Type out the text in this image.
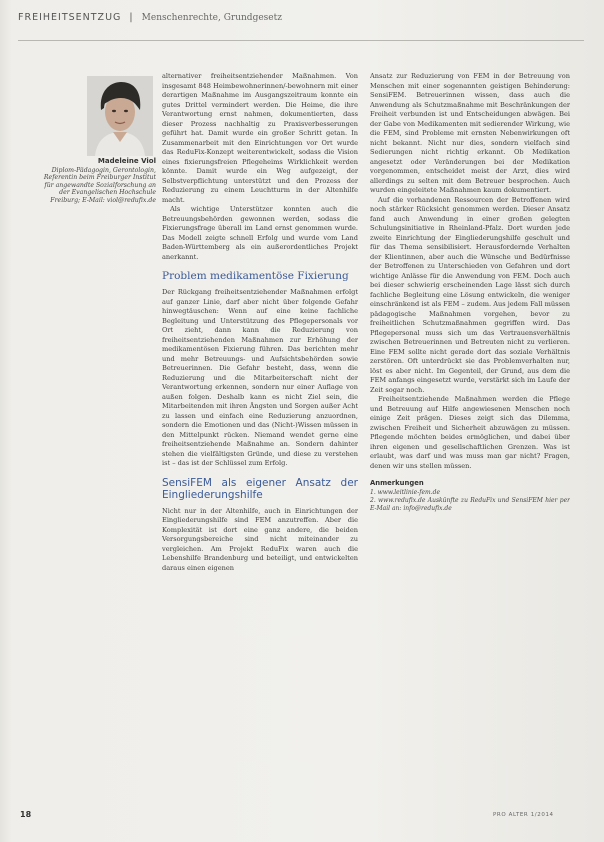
FREIHEITSENTZUG  |  Menschenrechte, Grundgesetz
Madeleine Viol
Diplom-Pädagogin, Gerontologin, Referentin beim Freiburger Institut für angewandte Sozialforschung an der Evangelischen Hochschule Freiburg; E-Mail: viol@redufix.de

alternativer freiheitsentziehender Maßnahmen. Von insgesamt 848 Heimbewohnerinnen/-bewohnern mit einer derartigen Maßnahme im Ausgangszeitraum konnte ein gutes Drittel vermindert werden. Die Heime, die ihre Verantwortung ernst nahmen, dokumentierten, dass dieser Prozess nachhaltig zu Praxisverbesserungen geführt hat. Damit wurde ein großer Schritt getan. In Zusammenarbeit mit den Einrichtungen vor Ort wurde das ReduFix-Konzept weiterentwickelt, sodass die Vision eines fixierungsfreien Pflegeheims Wirklichkeit werden könnte. Damit wurde ein Weg aufgezeigt, der Selbstverpflichtung unterstützt und den Prozess der Reduzierung zu einem Leuchtturm in der Altenhilfe macht.

Als wichtige Unterstützer konnten auch die Betreuungsbehörden gewonnen werden, sodass die Fixierungsfrage überall im Land ernst genommen wurde. Das Modell zeigte schnell Erfolg und wurde vom Land Baden-Württemberg als ein außerordentliches Projekt anerkannt.

Problem medikamentöse Fixierung

Der Rückgang freiheitsentziehender Maßnahmen erfolgt auf ganzer Linie, darf aber nicht über folgende Gefahr hinwegtäuschen: Wenn auf eine keine fachliche Begleitung und Unterstützung des Pflegepersonals vor Ort zieht, dann kann die Reduzierung von freiheitsentziehenden Maßnahmen zur Erhöhung der medikamentösen Fixierung führen. Das berichten mehr und mehr Betreuungs- und Aufsichtsbehörden sowie Betreuerinnen. Die Gefahr besteht, dass, wenn die Reduzierung und die Mitarbeiterschaft nicht der Verantwortung erkennen, sondern nur einer Auflage von außen folgen. Deshalb kann es nicht Ziel sein, die Mitarbeitenden mit ihren Ängsten und Sorgen außer Acht zu lassen und einfach eine Reduzierung anzuordnen, sondern die Emotionen und das (Nicht-)Wissen müssen in den Mittelpunkt rücken. Niemand wendet gerne eine freiheitsentziehende Maßnahme an. Sondern dahinter stehen die vielfältigsten Gründe, und diese zu verstehen ist – das ist der Schlüssel zum Erfolg.

SensiFEM als eigener Ansatz der Eingliederungshilfe

Nicht nur in der Altenhilfe, auch in Einrichtungen der Eingliederungshilfe sind FEM anzutreffen. Aber die Komplexität ist dort eine ganz andere, die beiden Versorgungsbereiche sind nicht miteinander zu vergleichen. Am Projekt ReduFix waren auch die Lebenshilfe Brandenburg und beteiligt, und entwickelten daraus einen eigenen

Ansatz zur Reduzierung von FEM in der Betreuung von Menschen mit einer sogenannten geistigen Behinderung: SensiFEM. Betreuerinnen wissen, dass auch die Anwendung als Schutzmaßnahme mit Beschränkungen der Freiheit verbunden ist und Entscheidungen abwägen. Bei der Gabe von Medikamenten mit sedierender Wirkung, wie die FEM, sind Probleme mit ernsten Nebenwirkungen oft nicht bekannt. Nicht nur dies, sondern vielfach sind Sedierungen nicht richtig erkannt. Ob Medikation angesetzt oder Veränderungen bei der Medikation vorgenommen, entscheidet meist der Arzt, dies wird allerdings zu selten mit dem Betreuer besprochen. Auch wurden eingeleitete Maßnahmen kaum dokumentiert.

Auf die vorhandenen Ressourcen der Betroffenen wird noch stärker Rücksicht genommen werden. Dieser Ansatz fand auch Anwendung in einer großen gelegten Schulungsinitiative in Rheinland-Pfalz. Dort wurden jede zweite Einrichtung der Eingliederungshilfe geschult und für das Thema sensibilisiert. Herausfordernde Verhalten der Klientinnen, aber auch die Wünsche und Bedürfnisse der Betroffenen zu Unterschieden von Gefahren und dort wichtige Anlässe für die Anwendung von FEM. Doch auch bei dieser schwierig erscheinenden Lage lässt sich durch fachliche Begleitung eine Lösung entwickeln, die weniger einschränkend ist als FEM – zudem. Aus jedem Fall müssen pädagogische Maßnahmen vorgehen, bevor zu freiheitlichen Schutzmaßnahmen gegriffen wird. Das Pflegepersonal muss sich um das Vertrauensverhältnis zwischen Betreuerinnen und Betreuten nicht zu verlieren. Eine FEM sollte nicht gerade dort das soziale Verhältnis zerstören. Oft unterdrückt sie das Problemverhalten nur, löst es aber nicht. Im Gegenteil, der Grund, aus dem die FEM anfangs eingesetzt wurde, verstärkt sich im Laufe der Zeit sogar noch.

Freiheitsentziehende Maßnahmen werden die Pflege und Betreuung auf Hilfe angewiesenen Menschen noch einige Zeit prägen. Dieses zeigt sich das Dilemma, zwischen Freiheit und Sicherheit abzuwägen zu müssen. Pflegende möchten beides ermöglichen, und dabei über ihren eigenen und gesellschaftlichen Grenzen. Was ist erlaubt, was darf und was muss man gar nicht? Fragen, denen wir uns stellen müssen.

Anmerkungen
1. www.leitlinie-fem.de
2. www.redufix.de Auskünfte zu ReduFix und SensiFEM hier per E-Mail an: info@redufix.de
18	PRO ALTER 1/2014
